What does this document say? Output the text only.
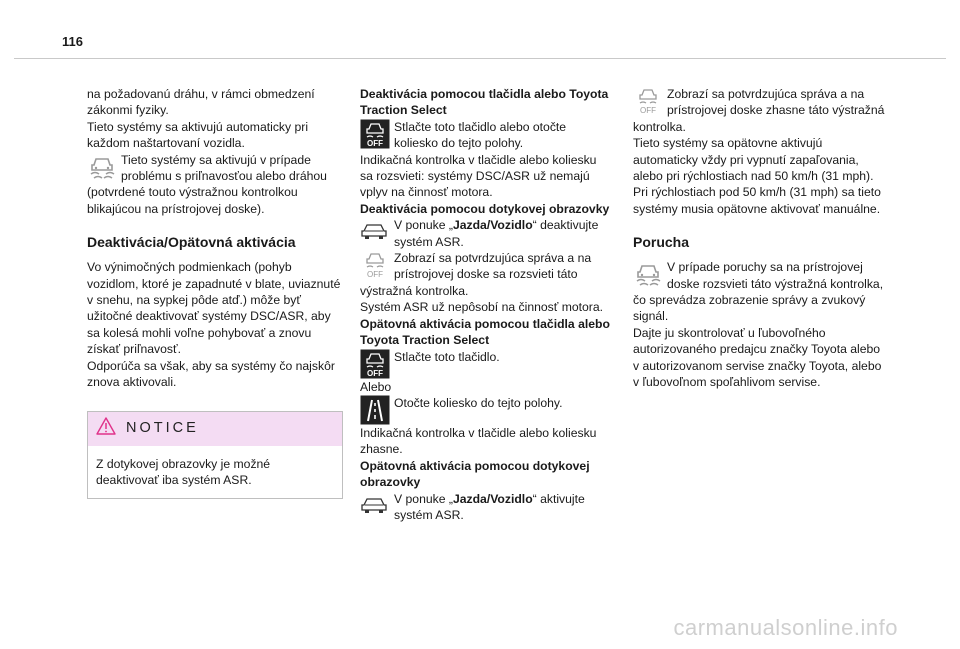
116

na požadovanú dráhu, v rámci obmedzení zákonmi fyziky.

Tieto systémy sa aktivujú automaticky pri každom naštartovaní vozidla.

Tieto systémy sa aktivujú v prípade problému s priľnavosťou alebo dráhou

(potvrdené touto výstražnou kontrolkou blikajúcou na prístrojovej doske).

Deaktivácia/Opätovná aktivácia

Vo výnimočných podmienkach (pohyb vozidlom, ktoré je zapadnuté v blate, uviaznuté v snehu, na sypkej pôde atď.) môže byť užitočné deaktivovať systémy DSC/ASR, aby sa kolesá mohli voľne pohybovať a znovu získať priľnavosť.

Odporúča sa však, aby sa systémy čo najskôr znova aktivovali.

NOTICE
Z dotykovej obrazovky je možné deaktivovať iba systém ASR.

Deaktivácia pomocou tlačidla alebo Toyota Traction Select

OFF
Stlačte toto tlačidlo alebo otočte koliesko do tejto polohy.

Indikačná kontrolka v tlačidle alebo koliesku sa rozsvieti: systémy DSC/ASR už nemajú vplyv na činnosť motora.

Deaktivácia pomocou dotykovej obrazovky

V ponuke „Jazda/Vozidlo“ deaktivujte systém ASR.
OFF
Zobrazí sa potvrdzujúca správa a na prístrojovej doske sa rozsvieti táto

výstražná kontrolka.

Systém ASR už nepôsobí na činnosť motora.

Opätovná aktivácia pomocou tlačidla alebo Toyota Traction Select

OFF
Stlačte toto tlačidlo.

Alebo

Otočte koliesko do tejto polohy.

Indikačná kontrolka v tlačidle alebo koliesku zhasne.

Opätovná aktivácia pomocou dotykovej obrazovky

V ponuke „Jazda/Vozidlo“ aktivujte systém ASR.
OFF
Zobrazí sa potvrdzujúca správa a na prístrojovej doske zhasne táto výstražná

kontrolka.

Tieto systémy sa opätovne aktivujú automaticky vždy pri vypnutí zapaľovania, alebo pri rýchlostiach nad 50 km/h (31 mph).

Pri rýchlostiach pod 50 km/h (31 mph) sa tieto systémy musia opätovne aktivovať manuálne.

Porucha
V prípade poruchy sa na prístrojovej doske rozsvieti táto výstražná kontrolka,

čo sprevádza zobrazenie správy a zvukový signál.

Dajte ju skontrolovať u ľubovoľného autorizovaného predajcu značky Toyota alebo v autorizovanom servise značky Toyota, alebo v ľubovoľnom spoľahlivom servise.

carmanualsonline.info
